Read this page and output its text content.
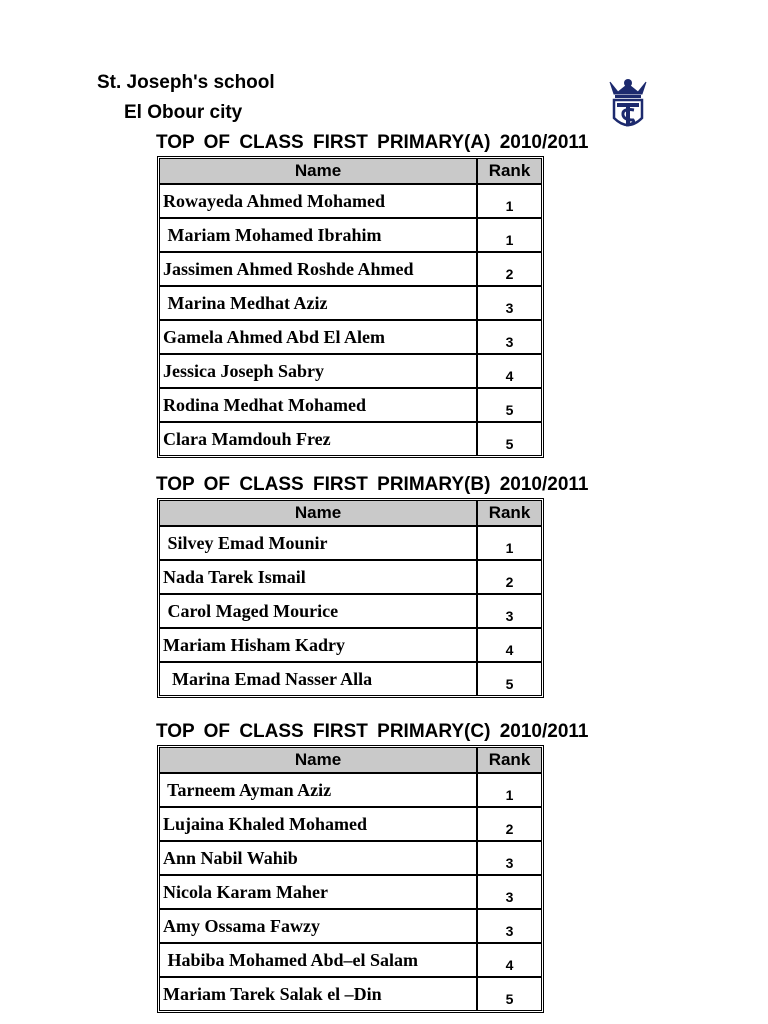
St. Joseph's school
El Obour city
TOP OF CLASS FIRST PRIMARY(A) 2010/2011
Name	Rank
Rowayeda Ahmed Mohamed	1
Mariam Mohamed Ibrahim	1
Jassimen Ahmed Roshde Ahmed	2
Marina Medhat Aziz	3
Gamela Ahmed Abd El Alem	3
Jessica Joseph Sabry	4
Rodina Medhat Mohamed	5
Clara Mamdouh Frez	5
TOP OF CLASS FIRST PRIMARY(B) 2010/2011
Name	Rank
Silvey Emad Mounir	1
Nada Tarek Ismail	2
Carol Maged Mourice	3
Mariam Hisham Kadry	4
Marina Emad Nasser Alla	5
TOP OF CLASS FIRST PRIMARY(C) 2010/2011
Name	Rank
Tarneem Ayman Aziz	1
Lujaina Khaled Mohamed	2
Ann Nabil Wahib	3
Nicola Karam Maher	3
Amy Ossama Fawzy	3
Habiba Mohamed Abd–el Salam	4
Mariam Tarek Salak el –Din	5
